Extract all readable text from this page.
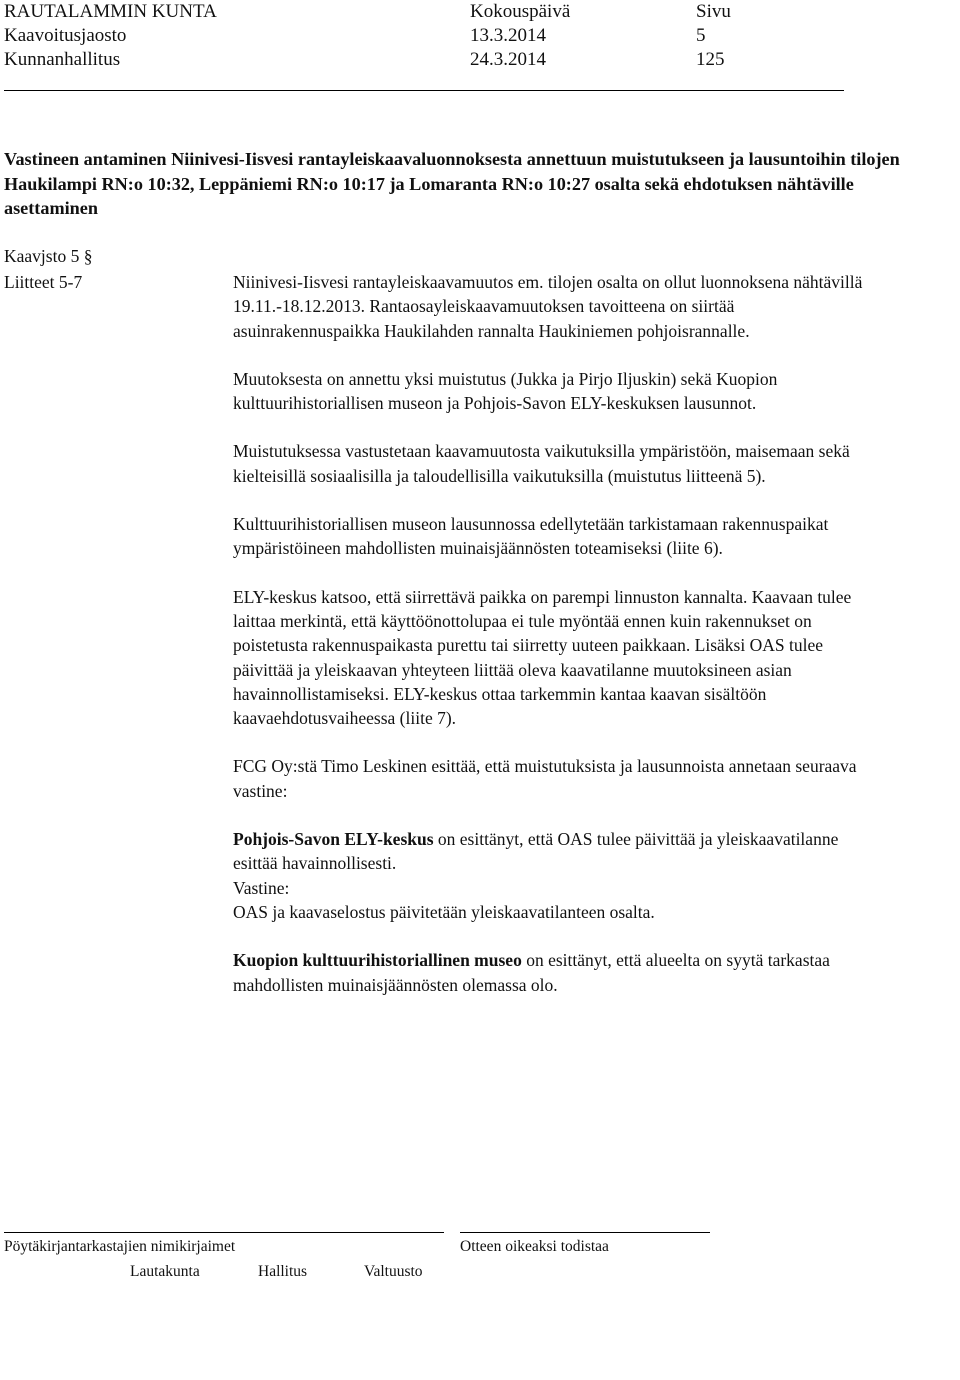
RAUTALAMMIN KUNTA	Kokouspäivä	Sivu
Kaavoitusjaosto	13.3.2014	5
Kunnanhallitus	24.3.2014	125
Vastineen antaminen Niinivesi-Iisvesi rantayleiskaavaluonnoksesta annettuun muistutukseen ja lausuntoihin tilojen Haukilampi RN:o 10:32, Leppäniemi RN:o 10:17 ja Lomaranta RN:o 10:27 osalta sekä ehdotuksen nähtäville asettaminen
Kaavjsto 5 §
Liitteet 5-7	Niinivesi-Iisvesi rantayleiskaavamuutos em. tilojen osalta on ollut luonnoksena nähtävillä 19.11.-18.12.2013. Rantaosayleiskaavamuutoksen tavoitteena on siirtää asuinrakennuspaikka Haukilahden rannalta Haukiniemen pohjoisrannalle.

Muutoksesta on annettu yksi muistutus (Jukka ja Pirjo Iljuskin) sekä Kuopion kulttuurihistoriallisen museon ja Pohjois-Savon ELY-keskuksen lausunnot.

Muistutuksessa vastustetaan kaavamuutosta vaikutuksilla ympäristöön, maisemaan sekä kielteisillä sosiaalisilla ja taloudellisilla vaikutuksilla (muistutus liitteenä 5).

Kulttuurihistoriallisen museon lausunnossa edellytetään tarkistamaan rakennuspaikat ympäristöineen mahdollisten muinaisjäännösten toteamiseksi (liite 6).

ELY-keskus katsoo, että siirrettävä paikka on parempi linnuston kannalta. Kaavaan tulee laittaa merkintä, että käyttöönottolupaa ei tule myöntää ennen kuin rakennukset on poistetusta rakennuspaikasta purettu tai siirretty uuteen paikkaan. Lisäksi OAS tulee päivittää ja yleiskaavan yhteyteen liittää oleva kaavatilanne muutoksineen asian havainnollistamiseksi. ELY-keskus ottaa tarkemmin kantaa kaavan sisältöön kaavaehdotusvaiheessa (liite 7).

FCG Oy:stä Timo Leskinen esittää, että muistutuksista ja lausunnoista annetaan seuraava vastine:

Pohjois-Savon ELY-keskus on esittänyt, että OAS tulee päivittää ja yleiskaavatilanne esittää havainnollisesti.

Vastine:

OAS ja kaavaselostus päivitetään yleiskaavatilanteen osalta.

Kuopion kulttuurihistoriallinen museo on esittänyt, että alueelta on syytä tarkastaa mahdollisten muinaisjäännösten olemassa olo.

Pöytäkirjantarkastajien nimikirjaimet
Lautakunta	Hallitus	Valtuusto
Otteen oikeaksi todistaa
